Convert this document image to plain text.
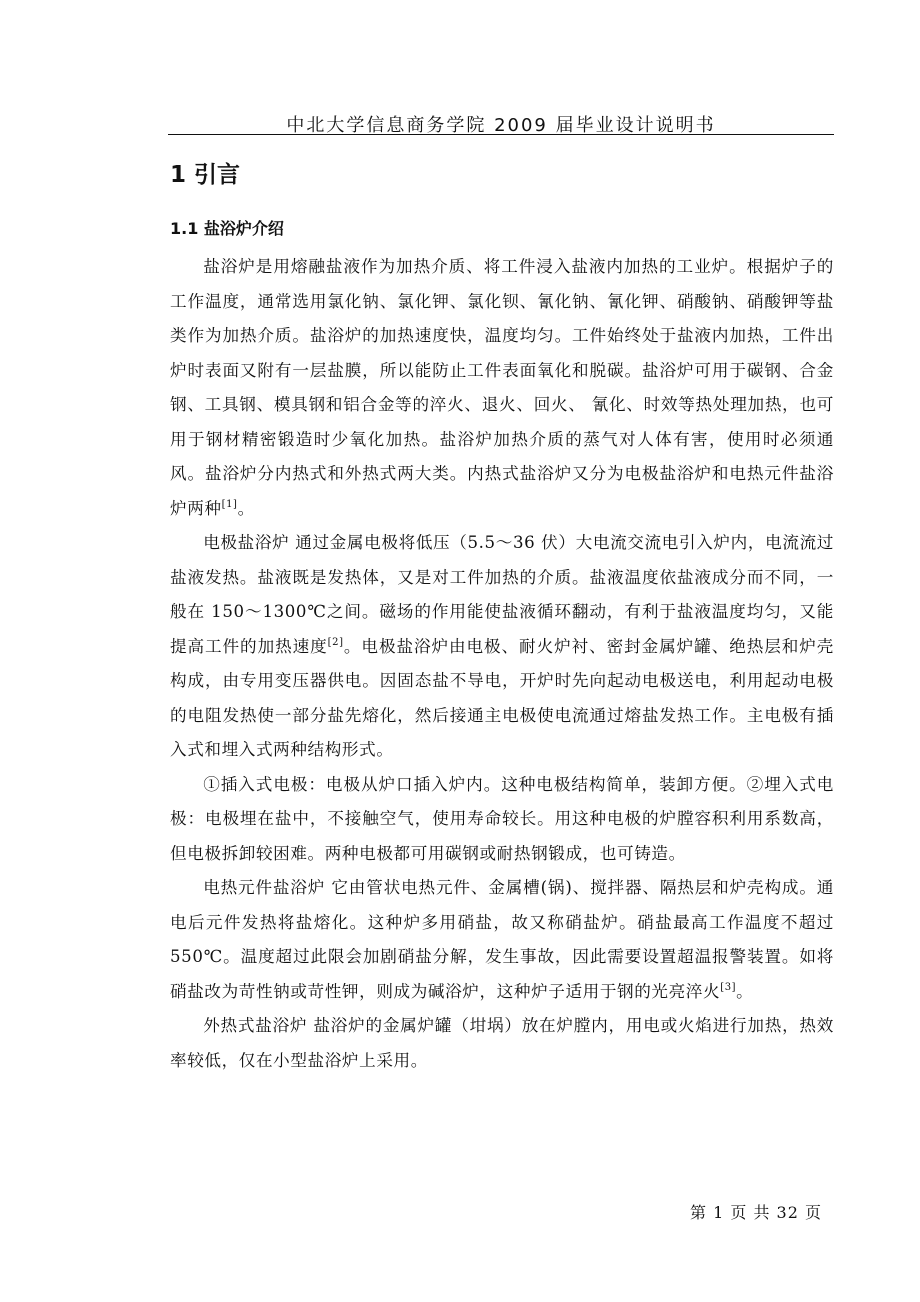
中北大学信息商务学院 2009 届毕业设计说明书
1 引言
1.1 盐浴炉介绍

盐浴炉是用熔融盐液作为加热介质、将工件浸入盐液内加热的工业炉。根据炉子的工作温度，通常选用氯化钠、氯化钾、氯化钡、氰化钠、氰化钾、硝酸钠、硝酸钾等盐类作为加热介质。盐浴炉的加热速度快，温度均匀。工件始终处于盐液内加热，工件出炉时表面又附有一层盐膜，所以能防止工件表面氧化和脱碳。盐浴炉可用于碳钢、合金钢、工具钢、模具钢和铝合金等的淬火、退火、回火、 氰化、时效等热处理加热，也可用于钢材精密锻造时少氧化加热。盐浴炉加热介质的蒸气对人体有害，使用时必须通风。盐浴炉分内热式和外热式两大类。内热式盐浴炉又分为电极盐浴炉和电热元件盐浴炉两种[1]。

电极盐浴炉 通过金属电极将低压（5.5～36 伏）大电流交流电引入炉内，电流流过盐液发热。盐液既是发热体，又是对工件加热的介质。盐液温度依盐液成分而不同，一般在 150～1300℃之间。磁场的作用能使盐液循环翻动，有利于盐液温度均匀，又能提高工件的加热速度[2]。电极盐浴炉由电极、耐火炉衬、密封金属炉罐、绝热层和炉壳构成，由专用变压器供电。因固态盐不导电，开炉时先向起动电极送电，利用起动电极的电阻发热使一部分盐先熔化，然后接通主电极使电流通过熔盐发热工作。主电极有插入式和埋入式两种结构形式。

①插入式电极：电极从炉口插入炉内。这种电极结构简单，装卸方便。②埋入式电极：电极埋在盐中，不接触空气，使用寿命较长。用这种电极的炉膛容积利用系数高，但电极拆卸较困难。两种电极都可用碳钢或耐热钢锻成，也可铸造。

电热元件盐浴炉 它由管状电热元件、金属槽(锅)、搅拌器、隔热层和炉壳构成。通电后元件发热将盐熔化。这种炉多用硝盐，故又称硝盐炉。硝盐最高工作温度不超过 550℃。温度超过此限会加剧硝盐分解，发生事故，因此需要设置超温报警装置。如将硝盐改为苛性钠或苛性钾，则成为碱浴炉，这种炉子适用于钢的光亮淬火[3]。

外热式盐浴炉 盐浴炉的金属炉罐（坩埚）放在炉膛内，用电或火焰进行加热，热效率较低，仅在小型盐浴炉上采用。

第 1 页 共 32 页
